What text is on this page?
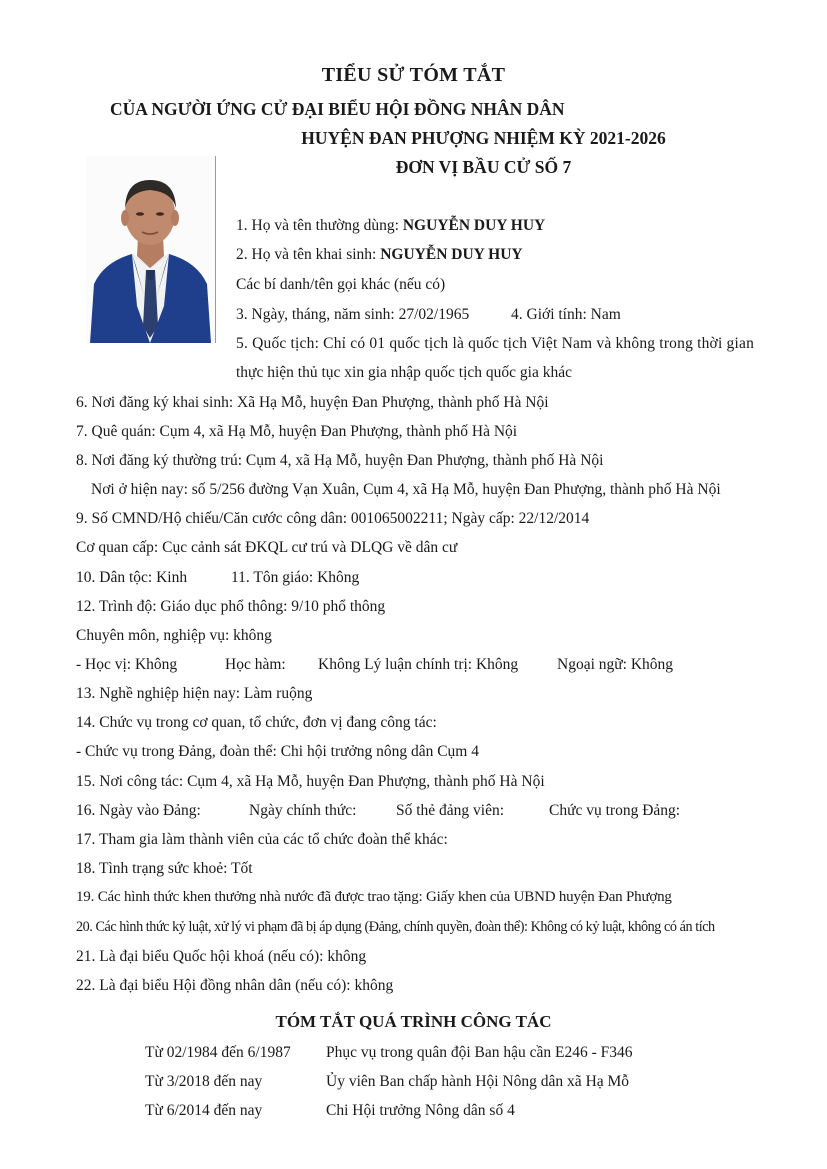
TIỂU SỬ TÓM TẮT
CỦA NGƯỜI ỨNG CỬ ĐẠI BIỂU HỘI ĐỒNG NHÂN DÂN
HUYỆN ĐAN PHƯỢNG NHIỆM KỲ 2021-2026
ĐƠN VỊ BẦU CỬ SỐ 7
1. Họ và tên thường dùng: NGUYỄN DUY HUY
2. Họ và tên khai sinh: NGUYỄN DUY HUY
Các bí danh/tên gọi khác (nếu có)
3. Ngày, tháng, năm sinh: 27/02/1965	4. Giới tính: Nam
5. Quốc tịch: Chỉ có 01 quốc tịch là quốc tịch Việt Nam và không trong thời gian
thực hiện thủ tục xin gia nhập quốc tịch quốc gia khác
6. Nơi đăng ký khai sinh: Xã Hạ Mỗ, huyện Đan Phượng, thành phố Hà Nội
7. Quê quán: Cụm 4, xã Hạ Mỗ, huyện Đan Phượng, thành phố Hà Nội
8. Nơi đăng ký thường trú: Cụm 4, xã Hạ Mỗ, huyện Đan Phượng, thành phố Hà Nội
Nơi ở hiện nay: số 5/256 đường Vạn Xuân, Cụm 4, xã Hạ Mỗ, huyện Đan Phượng, thành phố Hà Nội
9. Số CMND/Hộ chiếu/Căn cước công dân: 001065002211; Ngày cấp: 22/12/2014
Cơ quan cấp: Cục cảnh sát ĐKQL cư trú và DLQG về dân cư
10. Dân tộc: Kinh	11. Tôn giáo: Không
12. Trình độ: Giáo dục phổ thông: 9/10 phổ thông
Chuyên môn, nghiệp vụ: không
- Học vị: Không	Học hàm: Không Lý luận chính trị: Không	Ngoại ngữ: Không
13. Nghề nghiệp hiện nay: Làm ruộng
14. Chức vụ trong cơ quan, tổ chức, đơn vị đang công tác:
- Chức vụ trong Đảng, đoàn thể: Chi hội trưởng nông dân Cụm 4
15. Nơi công tác: Cụm 4, xã Hạ Mỗ, huyện Đan Phượng, thành phố Hà Nội
16. Ngày vào Đảng:	Ngày chính thức:	Số thẻ đảng viên:	Chức vụ trong Đảng:
17. Tham gia làm thành viên của các tổ chức đoàn thể khác:
18. Tình trạng sức khoẻ: Tốt
19. Các hình thức khen thưởng nhà nước đã được trao tặng: Giấy khen của UBND huyện Đan Phượng
20. Các hình thức kỷ luật, xử lý vi phạm đã bị áp dụng (Đảng, chính quyền, đoàn thể): Không có kỷ luật, không có án tích
21. Là đại biểu Quốc hội khoá (nếu có): không
22. Là đại biểu Hội đồng nhân dân (nếu có): không
TÓM TẮT QUÁ TRÌNH CÔNG TÁC
Từ 02/1984 đến 6/1987 Phục vụ trong quân đội Ban hậu cần E246 - F346
Từ 3/2018 đến nay	Ủy viên Ban chấp hành Hội Nông dân xã Hạ Mỗ
Từ 6/2014 đến nay	Chi Hội trưởng Nông dân số 4
